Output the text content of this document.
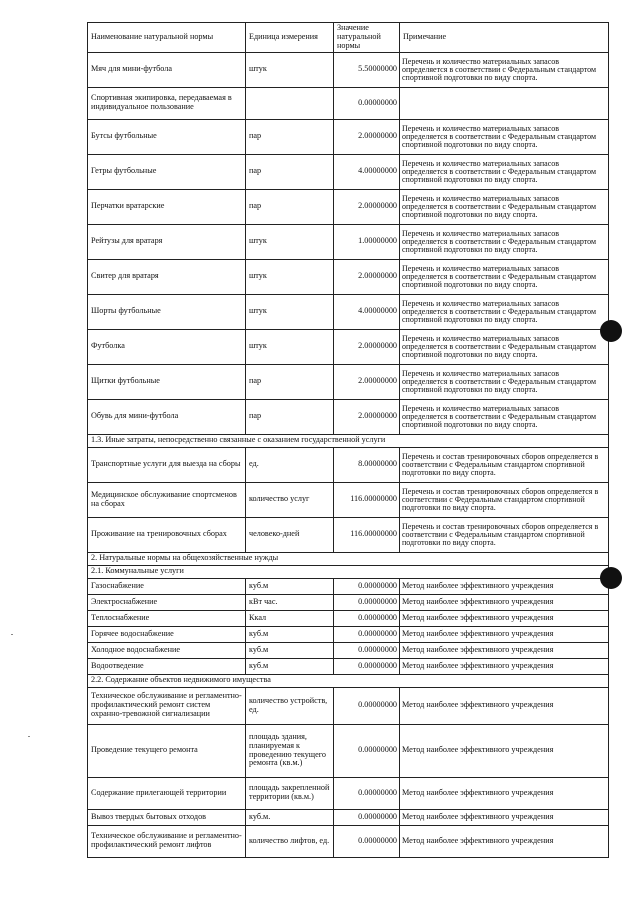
Наименование натуральной нормы	Единица измерения	Значение натуральной нормы	Примечание
Мяч для мини-футбола	штук	5.50000000	Перечень и количество материальных запасов определяется в соответствии с Федеральным стандартом спортивной подготовки по виду спорта.
Спортивная экипировка, передаваемая в индивидуальное пользование		0.00000000	
Бутсы футбольные	пар	2.00000000	Перечень и количество материальных запасов определяется в соответствии с Федеральным стандартом спортивной подготовки по виду спорта.
Гетры футбольные	пар	4.00000000	Перечень и количество материальных запасов определяется в соответствии с Федеральным стандартом спортивной подготовки по виду спорта.
Перчатки вратарские	пар	2.00000000	Перечень и количество материальных запасов определяется в соответствии с Федеральным стандартом спортивной подготовки по виду спорта.
Рейтузы для вратаря	штук	1.00000000	Перечень и количество материальных запасов определяется в соответствии с Федеральным стандартом спортивной подготовки по виду спорта.
Свитер для вратаря	штук	2.00000000	Перечень и количество материальных запасов определяется в соответствии с Федеральным стандартом спортивной подготовки по виду спорта.
Шорты футбольные	штук	4.00000000	Перечень и количество материальных запасов определяется в соответствии с Федеральным стандартом спортивной подготовки по виду спорта.
Футболка	штук	2.00000000	Перечень и количество материальных запасов определяется в соответствии с Федеральным стандартом спортивной подготовки по виду спорта.
Щитки футбольные	пар	2.00000000	Перечень и количество материальных запасов определяется в соответствии с Федеральным стандартом спортивной подготовки по виду спорта.
Обувь для мини-футбола	пар	2.00000000	Перечень и количество материальных запасов определяется в соответствии с Федеральным стандартом спортивной подготовки по виду спорта.
1.3. Иные затраты, непосредственно связанные с оказанием государственной услуги			
Транспортные услуги для выезда на сборы	ед.	8.00000000	Перечень и состав тренировочных сборов определяется в соответствии с Федеральным стандартом спортивной подготовки по виду спорта.
Медицинское обслуживание спортсменов на сборах	количество услуг	116.00000000	Перечень и состав тренировочных сборов определяется в соответствии с Федеральным стандартом спортивной подготовки по виду спорта.
Проживание на тренировочных сборах	человеко-дней	116.00000000	Перечень и состав тренировочных сборов определяется в соответствии с Федеральным стандартом спортивной подготовки по виду спорта.
2. Натуральные нормы на общехозяйственные нужды			
2.1. Коммунальные услуги			
Газоснабжение	куб.м	0.00000000	Метод наиболее эффективного учреждения
Электроснабжение	кВт час.	0.00000000	Метод наиболее эффективного учреждения
Теплоснабжение	Ккал	0.00000000	Метод наиболее эффективного учреждения
Горячее водоснабжение	куб.м	0.00000000	Метод наиболее эффективного учреждения
Холодное водоснабжение	куб.м	0.00000000	Метод наиболее эффективного учреждения
Водоотведение	куб.м	0.00000000	Метод наиболее эффективного учреждения
2.2. Содержание объектов недвижимого имущества			
Техническое обслуживание и регламентно-профилактический ремонт систем охранно-тревожной сигнализации	количество устройств, ед.	0.00000000	Метод наиболее эффективного учреждения
Проведение текущего ремонта	площадь здания, планируемая к проведению текущего ремонта (кв.м.)	0.00000000	Метод наиболее эффективного учреждения
Содержание прилегающей территории	площадь закрепленной территории (кв.м.)	0.00000000	Метод наиболее эффективного учреждения
Вывоз твердых бытовых отходов	куб.м.	0.00000000	Метод наиболее эффективного учреждения
Техническое обслуживание и регламентно-профилактический ремонт лифтов	количество лифтов, ед.	0.00000000	Метод наиболее эффективного учреждения
